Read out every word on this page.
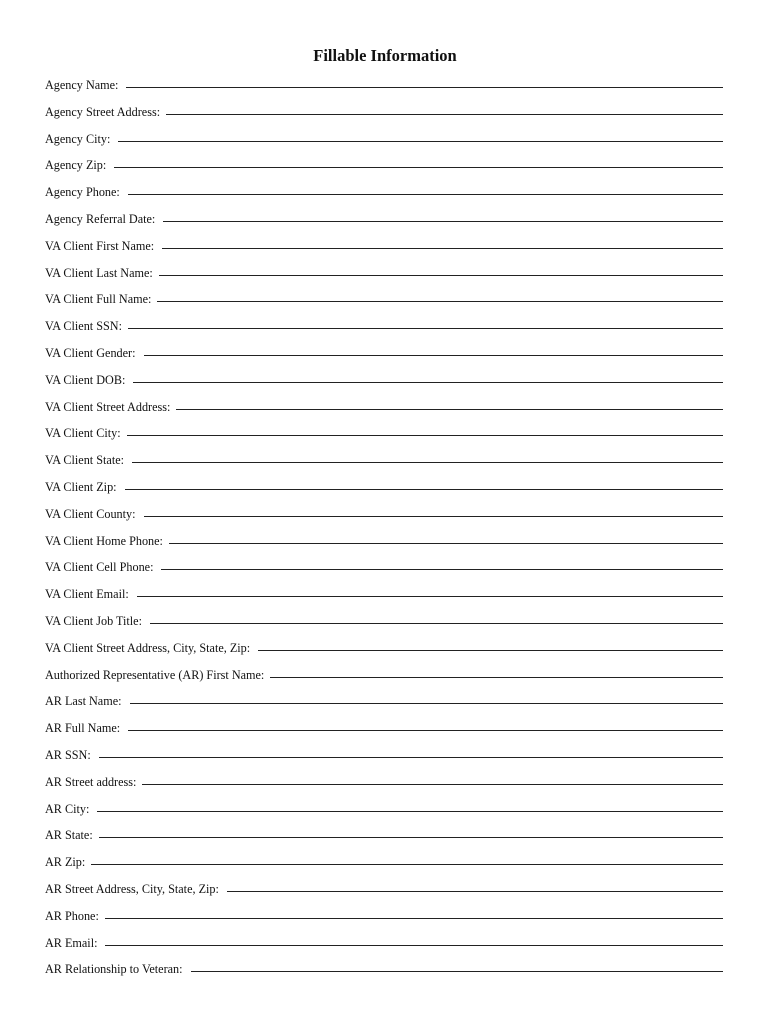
Fillable Information
Agency Name:
Agency Street Address:
Agency City:
Agency Zip:
Agency Phone:
Agency Referral Date:
VA Client First Name:
VA Client Last Name:
VA Client Full Name:
VA Client SSN:
VA Client Gender:
VA Client DOB:
VA Client Street Address:
VA Client City:
VA Client State:
VA Client Zip:
VA Client County:
VA Client Home Phone:
VA Client Cell Phone:
VA Client Email:
VA Client Job Title:
VA Client Street Address, City, State, Zip:
Authorized Representative (AR) First Name:
AR Last Name:
AR Full Name:
AR SSN:
AR Street address:
AR City:
AR State:
AR Zip:
AR Street Address, City, State, Zip:
AR Phone:
AR Email:
AR Relationship to Veteran:
